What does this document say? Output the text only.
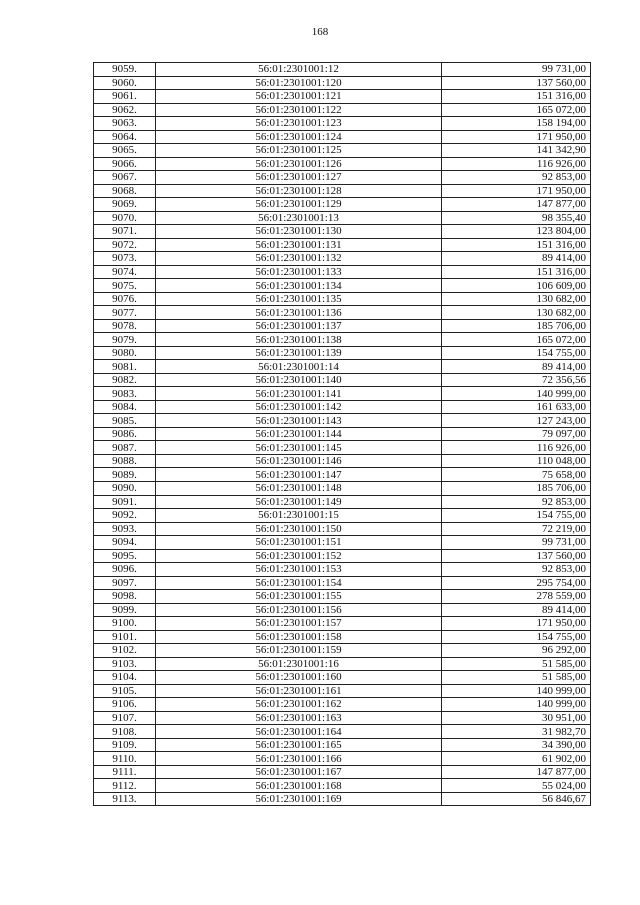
168
9059.	56:01:2301001:12	99 731,00
9060.	56:01:2301001:120	137 560,00
9061.	56:01:2301001:121	151 316,00
9062.	56:01:2301001:122	165 072,00
9063.	56:01:2301001:123	158 194,00
9064.	56:01:2301001:124	171 950,00
9065.	56:01:2301001:125	141 342,90
9066.	56:01:2301001:126	116 926,00
9067.	56:01:2301001:127	92 853,00
9068.	56:01:2301001:128	171 950,00
9069.	56:01:2301001:129	147 877,00
9070.	56:01:2301001:13	98 355,40
9071.	56:01:2301001:130	123 804,00
9072.	56:01:2301001:131	151 316,00
9073.	56:01:2301001:132	89 414,00
9074.	56:01:2301001:133	151 316,00
9075.	56:01:2301001:134	106 609,00
9076.	56:01:2301001:135	130 682,00
9077.	56:01:2301001:136	130 682,00
9078.	56:01:2301001:137	185 706,00
9079.	56:01:2301001:138	165 072,00
9080.	56:01:2301001:139	154 755,00
9081.	56:01:2301001:14	89 414,00
9082.	56:01:2301001:140	72 356,56
9083.	56:01:2301001:141	140 999,00
9084.	56:01:2301001:142	161 633,00
9085.	56:01:2301001:143	127 243,00
9086.	56:01:2301001:144	79 097,00
9087.	56:01:2301001:145	116 926,00
9088.	56:01:2301001:146	110 048,00
9089.	56:01:2301001:147	75 658,00
9090.	56:01:2301001:148	185 706,00
9091.	56:01:2301001:149	92 853,00
9092.	56:01:2301001:15	154 755,00
9093.	56:01:2301001:150	72 219,00
9094.	56:01:2301001:151	99 731,00
9095.	56:01:2301001:152	137 560,00
9096.	56:01:2301001:153	92 853,00
9097.	56:01:2301001:154	295 754,00
9098.	56:01:2301001:155	278 559,00
9099.	56:01:2301001:156	89 414,00
9100.	56:01:2301001:157	171 950,00
9101.	56:01:2301001:158	154 755,00
9102.	56:01:2301001:159	96 292,00
9103.	56:01:2301001:16	51 585,00
9104.	56:01:2301001:160	51 585,00
9105.	56:01:2301001:161	140 999,00
9106.	56:01:2301001:162	140 999,00
9107.	56:01:2301001:163	30 951,00
9108.	56:01:2301001:164	31 982,70
9109.	56:01:2301001:165	34 390,00
9110.	56:01:2301001:166	61 902,00
9111.	56:01:2301001:167	147 877,00
9112.	56:01:2301001:168	55 024,00
9113.	56:01:2301001:169	56 846,67
